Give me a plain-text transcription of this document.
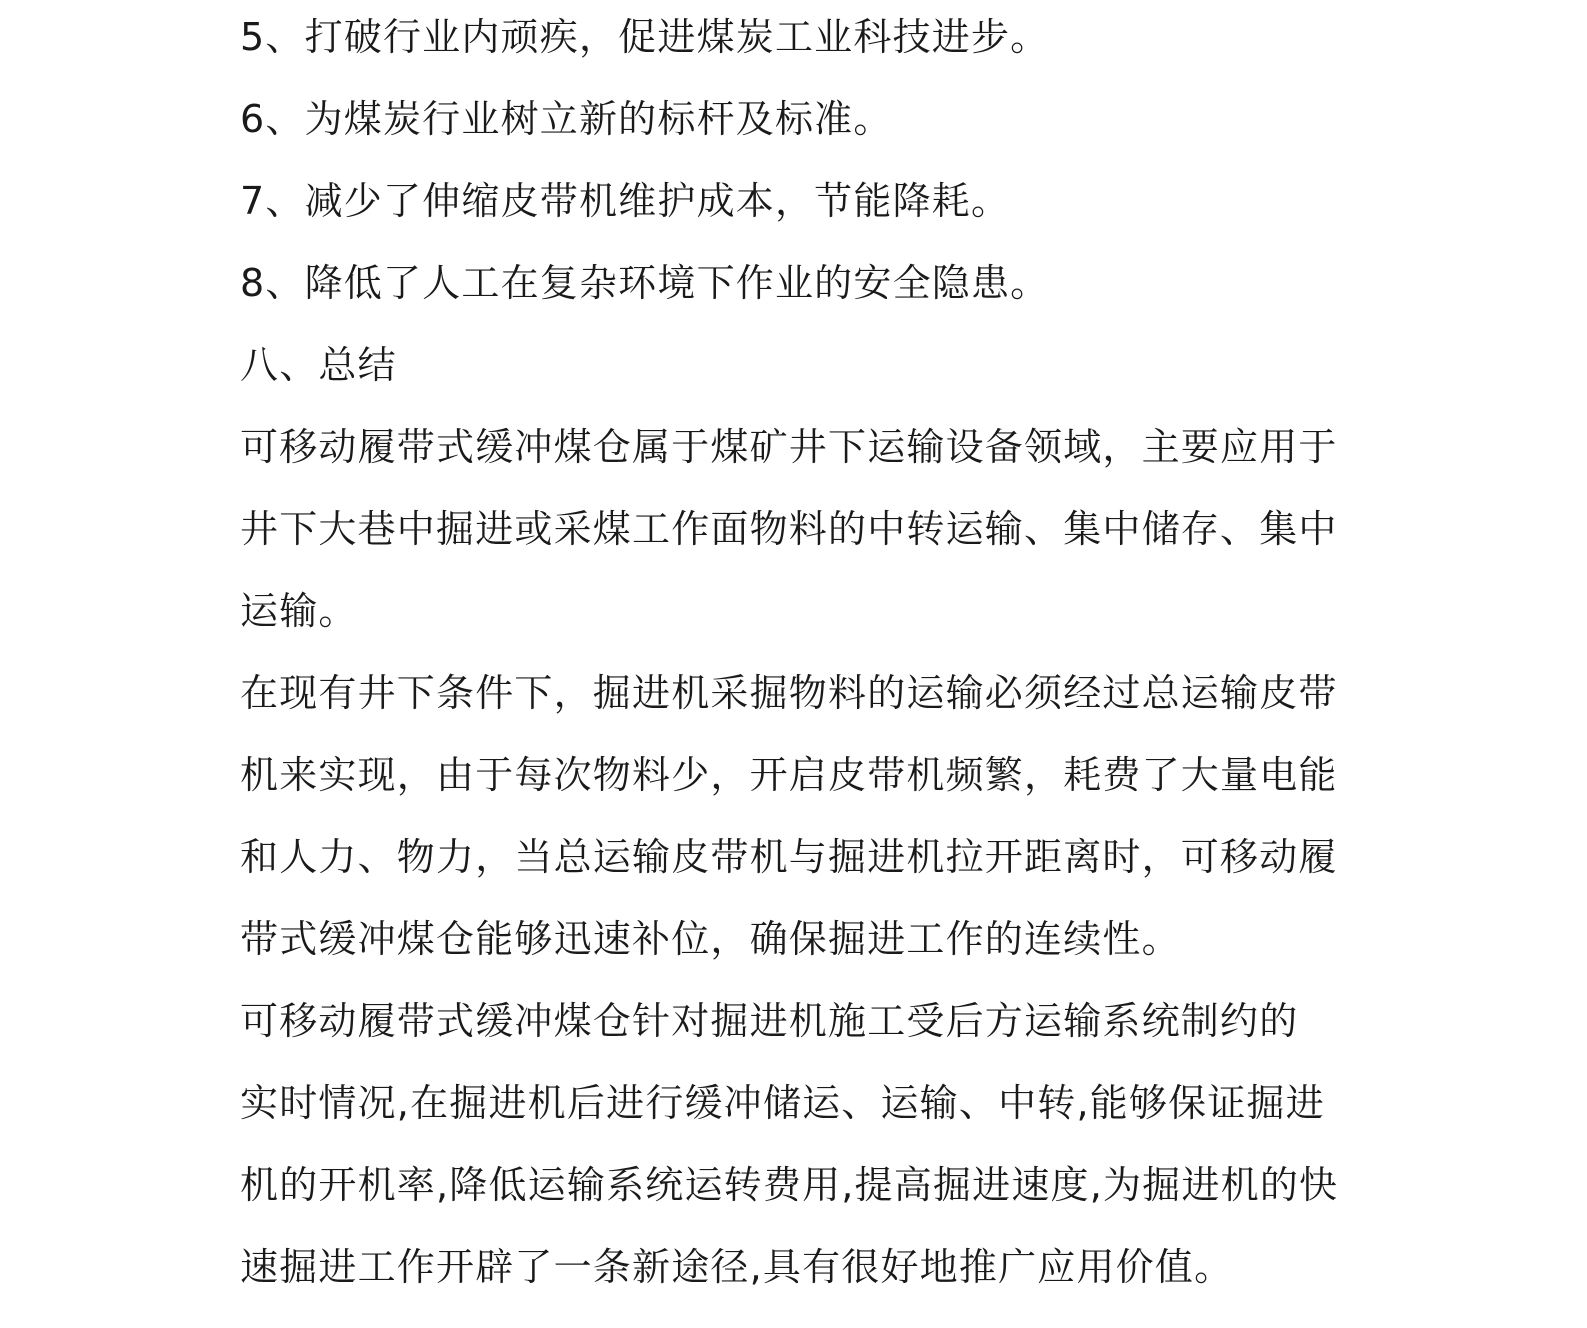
5、打破行业内顽疾，促进煤炭工业科技进步。
6、为煤炭行业树立新的标杆及标准。
7、减少了伸缩皮带机维护成本，节能降耗。
8、降低了人工在复杂环境下作业的安全隐患。
八、总结
可移动履带式缓冲煤仓属于煤矿井下运输设备领域，主要应用于
井下大巷中掘进或采煤工作面物料的中转运输、集中储存、集中
运输。
在现有井下条件下，掘进机采掘物料的运输必须经过总运输皮带
机来实现，由于每次物料少，开启皮带机频繁，耗费了大量电能
和人力、物力，当总运输皮带机与掘进机拉开距离时，可移动履
带式缓冲煤仓能够迅速补位，确保掘进工作的连续性。
可移动履带式缓冲煤仓针对掘进机施工受后方运输系统制约的
实时情况,在掘进机后进行缓冲储运、运输、中转,能够保证掘进
机的开机率,降低运输系统运转费用,提高掘进速度,为掘进机的快
速掘进工作开辟了一条新途径,具有很好地推广应用价值。
